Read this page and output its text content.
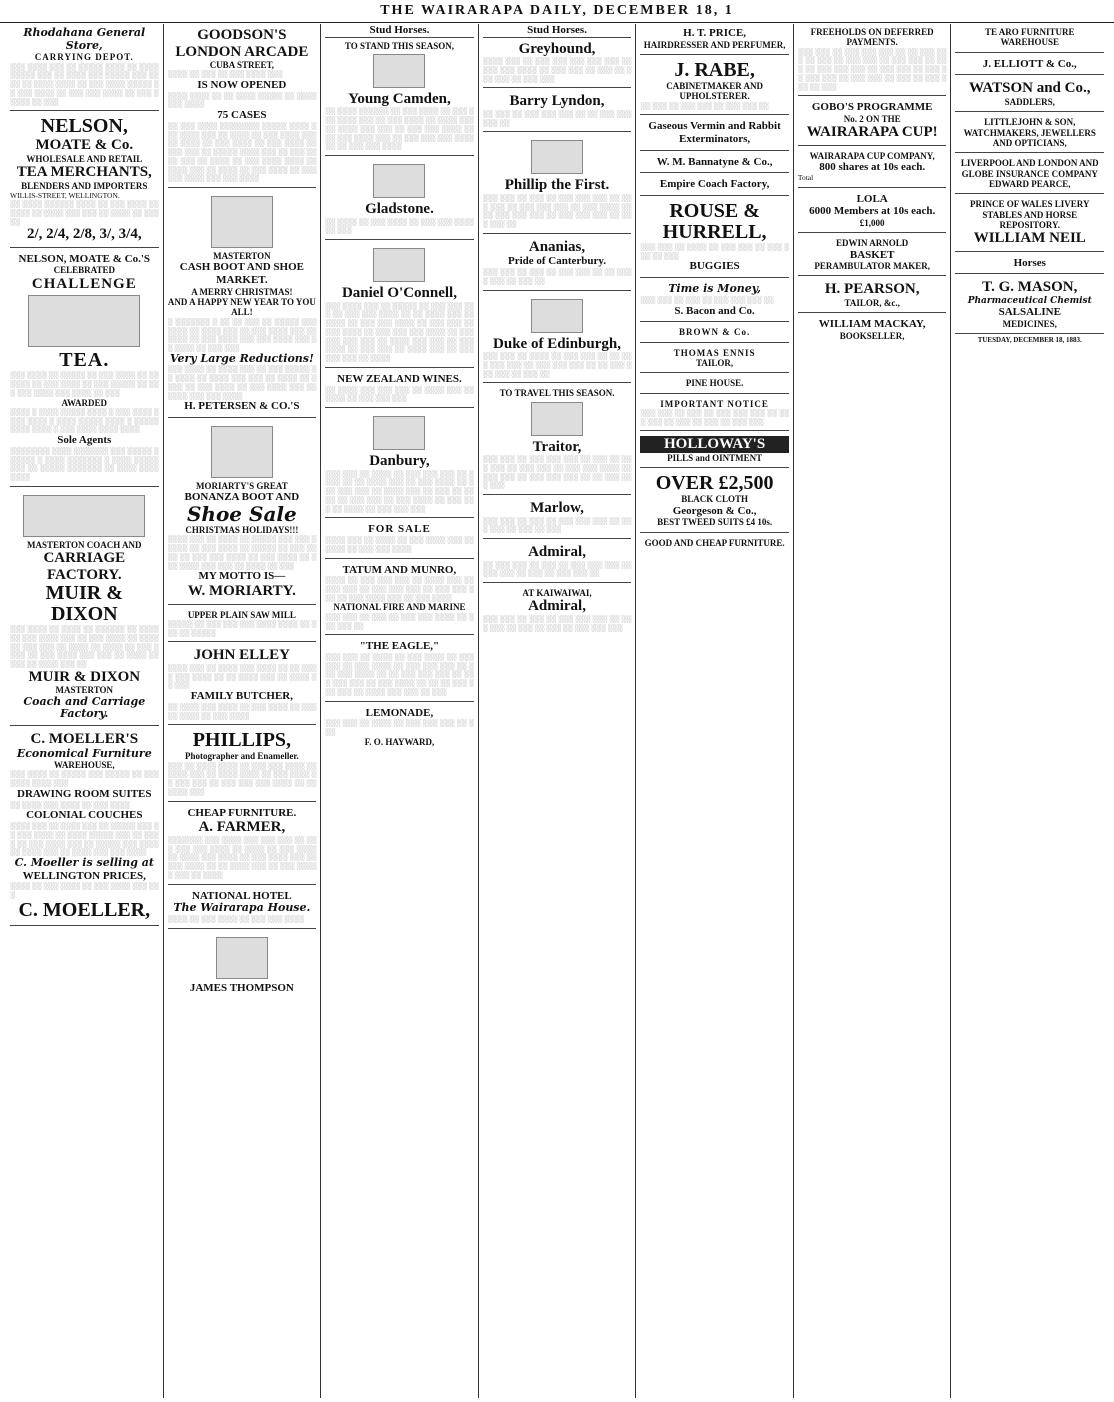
THE WAIRARAPA DAILY, DECEMBER 18, 1
Rhodahana General Store,
CARRYING DEPOT.
░░░ ░░░░ ░░░ ░░ ░░░░░ ░░░░ ░░ ░░░░ ░░░░░ ░░░ ░░ ░░░░ ░░░ ░░░░░ ░░░ ░░░░ ░░ ░░░░ ░░░░ ░░ ░░░ ░░░░ ░░░░░ ░░ ░░░ ░░░░ ░░ ░░░ ░░░ ░░░░ ░░ ░░░ ░░░░░ ░░ ░░░
NELSON,
MOATE & Co.
WHOLESALE AND RETAIL
TEA MERCHANTS,
BLENDERS AND IMPORTERS
WILLIS-STREET, WELLINGTON.
░░ ░░░░ ░░░░░░ ░░░░ ░░ ░░░ ░░░░ ░░ ░░░░ ░░ ░░░░ ░░░ ░░░ ░░ ░░░░ ░░ ░░░░░
2/, 2/4, 2/8, 3/, 3/4,
NELSON, MOATE & Co.'S
CELEBRATED
CHALLENGE
TEA.
░░░ ░░░░ ░░ ░░░░░ ░░ ░░░ ░░░░ ░░ ░░░░░░ ░░ ░░░ ░░░░ ░░ ░░░ ░░░░░ ░░ ░░░ ░░░ ░░░░ ░░░ ░░░░ ░░ ░░░
AWARDED
░░░░ ░ ░░░░ ░░░░░ ░░░░ ░ ░░░ ░░░░ ░░░░ ░░░░ ░ ░░░░ ░░░░░ ░░░░ ░ ░░░░░ ░░░░ ░░░░ ░ ░░░ ░░░░ ░░░░ ░░░░
Sole Agents
░░░░░░░░ ░░░░ ░░░░░░░ ░░░ ░░░░░ ░░░░░░ ░ ░░░░ ░░░░░░░ ░ ░░░░ ░░░░░░░░ ░░ ░░░░░ ░░░░░░░ ░░ ░░░░ ░░░░ ░░░░
MASTERTON COACH AND
CARRIAGE FACTORY.
MUIR & DIXON
░░░ ░░░░ ░░ ░░░░ ░░ ░░░░░░ ░░ ░░░░ ░░ ░░░ ░░░░ ░░░ ░░ ░░░ ░░░░ ░░ ░░░░ ░░ ░░░ ░░░ ░░ ░░░░ ░░ ░░░░ ░░ ░░░ ░░░░ ░░ ░░░ ░░░░ ░░░ ░░░ ░░ ░░░░ ░░ ░░░ ░░ ░░░░ ░░░ ░░
MUIR & DIXON
MASTERTON
Coach and Carriage Factory.
C. MOELLER'S
Economical Furniture
WAREHOUSE,
░░░ ░░░░ ░░ ░░░░░ ░░░ ░░░░░ ░░ ░░░ ░░░░ ░░░░ ░░░
DRAWING ROOM SUITES
░░ ░░░░ ░░░ ░░░░ ░░ ░░░ ░░░░
COLONIAL COUCHES
░░░░ ░░░ ░░ ░░░░ ░░░ ░░ ░░░░░ ░░░ ░░ ░░░ ░░░░ ░░ ░░░░ ░░░░░ ░░░ ░░ ░░░░ ░░ ░░░ ░░░░ ░░░ ░░ ░░░░░ ░░░ ░░░░ ░░ ░░░░ ░░░ ░░ ░░░░ ░░░ ░░░ ░░░░
C. Moeller is selling at
WELLINGTON PRICES,
░░░░ ░░ ░░░ ░░░░ ░░ ░░░ ░░░░ ░░░ ░░░
C. MOELLER,
GOODSON'S
LONDON ARCADE
CUBA STREET,
░░░░ ░░ ░░░ ░░ ░░░ ░░░░ ░░░
IS NOW OPENED
░░░░ ░░░░ ░░ ░░ ░░░░ ░░░░░ ░░ ░░░░ ░░░ ░░░░
75 CASES
░░ ░░░ ░░░░ ░░░░░░░░ ░░░░░ ░░░░ ░░░ ░░░░ ░░░ ░░ ░░░░ ░░ ░░░ ░░░░ ░░░ ░░ ░░░░ ░░ ░░░ ░░░░ ░░ ░░░ ░░░░ ░░ ░░░ ░░░ ░░ ░░░░░ ░░░░ ░░░ ░░ ░░░ ░░░░ ░░░ ░░ ░░░░ ░░ ░░░ ░░░░ ░░░░ ░░ ░░░░ ░░░ ░░ ░░░░ ░░ ░░░ ░░░░ ░░ ░░░ ░░░ ░░░░ ░░░ ░░░ ░░░░
MASTERTON
CASH BOOT AND SHOE
MARKET.
A MERRY CHRISTMAS!
AND A HAPPY NEW YEAR TO YOU ALL!
░ ░░░░░░░ ░ ░░ ░░ ░░░ ░░ ░░░░░ ░░░ ░░░░ ░░ ░░░░ ░░░ ░░ ░░░ ░░░░ ░░░ ░░ ░░░░ ░░ ░░░ ░░░░ ░░░ ░░░ ░░░░ ░░░ ░░ ░░░░ ░░ ░░░ ░░░
Very Large Reductions!
░░░ ░░░░ ░░ ░░░░ ░░░ ░░ ░░░ ░░░░░ ░░ ░░░░ ░░ ░░░░ ░░░ ░░░ ░░ ░░░░ ░░ ░░░░ ░░ ░░░ ░░░░ ░░ ░░░ ░░░░ ░░░ ░░ ░░░░ ░░░ ░░░ ░░░░
H. PETERSEN & CO.'S
MORIARTY'S GREAT
BONANZA BOOT AND
Shoe Sale
CHRISTMAS HOLIDAYS!!!
░░░░ ░░░ ░░ ░░░░ ░░ ░░░░░ ░░░ ░░░ ░░░░░ ░░ ░░░ ░░░░ ░░ ░░░░░ ░░ ░░░ ░░░░ ░░ ░░░ ░░░ ░░░░ ░░ ░░░ ░░░░ ░░ ░░░ ░░░░ ░░░ ░░░ ░░ ░░░░ ░░ ░░░
MY MOTTO IS—
W. MORIARTY.
UPPER PLAIN SAW MILL
░░░░░ ░░ ░░░ ░░░ ░░░ ░░░░ ░░░░ ░░ ░░░ ░░ ░░░░░
JOHN ELLEY
░░░░ ░░░ ░░ ░░░░ ░░░ ░░░░ ░░ ░░ ░░░░ ░░░ ░░░░ ░░ ░░ ░░░░ ░░░ ░░ ░░░░ ░░ ░░░
FAMILY BUTCHER,
░░ ░░░░ ░░░ ░░░░ ░░ ░░░ ░░░░ ░░ ░░░ ░░ ░░░░ ░░ ░░░ ░░░░
PHILLIPS,
Photographer and Enameller.
░░░ ░░ ░░░░ ░░░░ ░░ ░░░ ░░░ ░░░░ ░░ ░░░░ ░░░ ░░ ░░░░ ░░░░ ░░ ░░░ ░░░░ ░░ ░░░ ░░░ ░░ ░░░ ░░░ ░░░ ░░░░ ░░ ░░ ░░░░ ░░░
CHEAP FURNITURE.
A. FARMER,
░░░░░░░ ░░░ ░░░░ ░░░ ░░░ ░░░ ░░ ░░░ ░░░ ░░░ ░░░░ ░░ ░░░░ ░░ ░░░ ░░░░ ░░ ░░░░ ░░░ ░░░░ ░░ ░░░ ░░░░ ░░░ ░░ ░░░ ░░░░ ░░ ░░ ░░░░ ░░░ ░░ ░░░ ░░░░░ ░░░ ░░ ░░░░
NATIONAL HOTEL
The Wairarapa House.
░░░░ ░░ ░░░ ░░░░ ░░ ░░░ ░░░ ░░░░
JAMES THOMPSON
Stud Horses.
TO STAND THIS SEASON,
Young Camden,
░░ ░░░░ ░░░░░░ ░░ ░░░ ░░░░ ░░ ░░░ ░░░ ░░░░ ░░░ ░░ ░░░ ░░░░ ░░ ░░░░ ░░░ ░░ ░░░░ ░░░ ░░░ ░░ ░░░ ░░░ ░░░░ ░░ ░░ ░░░ ░░░░ ░░░ ░░ ░░░ ░░░ ░░░ ░░░░ ░░ ░░ ░░░ ░░░ ░░░░
Gladstone.
░░ ░░░░ ░░ ░░░ ░░░░ ░░ ░░░ ░░░ ░░░░ ░░ ░░░
Daniel O'Connell,
░░░ ░░░░ ░░░ ░░ ░░░░░ ░░ ░░░ ░░░ ░░░ ░░ ░░░ ░░░ ░░░░ ░░ ░░ ░░░░ ░░░ ░░ ░░░░ ░░ ░░░ ░░░ ░░░░ ░░ ░░░ ░░░ ░░ ░░░ ░░░░ ░░ ░░░ ░░░ ░░░ ░░░░ ░░ ░░░ ░░░ ░░░ ░░░ ░░ ░░░░ ░░░ ░░░ ░░ ░░░ ░░░░ ░░ ░░░ ░░░ ░░ ░░░░ ░░░ ░░ ░░░ ░░░ ░░░ ░░ ░░░░
NEW ZEALAND WINES.
░░ ░░░░ ░░░ ░░░ ░░░ ░░ ░░░░ ░░░ ░░ ░░░░ ░░ ░░░ ░░░ ░░░
Danbury,
░░░ ░░░ ░░ ░░░░ ░░ ░░░ ░░░ ░░░ ░░ ░░░░ ░░ ░░ ░░░░ ░░░ ░░ ░░░ ░░░░ ░░ ░░░ ░░░ ░░░ ░░ ░░░░ ░░░ ░░ ░░░ ░░ ░░░░ ░░ ░░░ ░░░ ░░ ░░░ ░░░░ ░░ ░░░ ░░░ ░░ ░░░░ ░░ ░░░ ░░░ ░░░
FOR SALE
░░░░ ░░░ ░░ ░░░░ ░░ ░░░ ░░░░ ░░░ ░░ ░░░░ ░░ ░░░ ░░░ ░░░░
TATUM AND MUNRO,
░░░░ ░░ ░░░ ░░░ ░░░ ░░ ░░░░ ░░░ ░░ ░░░ ░░░ ░░ ░░░ ░░░ ░░░ ░░ ░░░ ░░░ ░░░ ░░ ░░░ ░░░░ ░░░ ░░ ░░░ ░░░░
NATIONAL FIRE AND MARINE
░░░ ░░░ ░░ ░░░ ░░ ░░░ ░░░ ░░░░ ░░ ░░░ ░░░ ░░
"THE EAGLE,"
░░░ ░░░ ░░ ░░░░ ░░ ░░░ ░░░░ ░░ ░░░ ░░░ ░░ ░░░ ░░░░ ░░ ░░░ ░░░ ░░░ ░░ ░░░ ░░░ ░░░░ ░░ ░░ ░░░ ░░░ ░░░ ░░ ░░░ ░░░ ░░░ ░░ ░░░ ░░░░ ░░ ░░ ░░ ░░░ ░░░ ░░░ ░░ ░░░░ ░░░ ░░░ ░░ ░░░
LEMONADE,
░░░ ░░░ ░░ ░░░░ ░░ ░░░ ░░░ ░░░ ░░ ░░░
F. O. HAYWARD,
Stud Horses.
Greyhound,
░░░░ ░░░ ░░ ░░░ ░░░ ░░░ ░░░ ░░░ ░░ ░░░ ░░░ ░░░░ ░░ ░░░ ░░░ ░░ ░░░ ░░ ░░░ ░░░ ░░ ░░░ ░░░
Barry Lyndon,
░░ ░░░ ░░ ░░░ ░░░ ░░░ ░░ ░░ ░░░ ░░░ ░░░ ░░
Phillip the First.
░░░ ░░░ ░░ ░░░ ░░ ░░░ ░░░ ░░░ ░░ ░░░ ░░░ ░░ ░░░ ░░░ ░░░ ░░ ░░░ ░░░░ ░░ ░░ ░░░ ░░░ ░░░ ░░ ░░░ ░░░ ░░░ ░░ ░░░ ░░░ ░░
Ananias,
Pride of Canterbury.
░░░ ░░░ ░░ ░░░ ░░ ░░░ ░░░ ░░ ░░ ░░░░ ░░░ ░░ ░░░ ░░
Duke of Edinburgh,
░░░ ░░░ ░░ ░░░░ ░░ ░░░ ░░░ ░░ ░░ ░░░ ░░░ ░░░ ░░ ░░░ ░░░ ░░░ ░░ ░░ ░░░ ░░░ ░░░ ░░ ░░░ ░░
TO TRAVEL THIS SEASON.
Traitor,
░░░ ░░░ ░░ ░░░ ░░░ ░░░ ░░ ░░░ ░░ ░░░ ░░░ ░░ ░░░ ░░░ ░░ ░░░ ░░░ ░░░░ ░░ ░░░ ░░░ ░░ ░░░ ░░░ ░░░ ░░ ░░ ░░░ ░░░ ░░░
Marlow,
░░░ ░░░ ░░ ░░░ ░░ ░░░ ░░░ ░░░ ░░ ░░░ ░░░ ░░ ░░░ ░░ ░░░
Admiral,
░░ ░░░ ░░░ ░░ ░░░ ░░ ░░░ ░░░ ░░░ ░░ ░░░ ░░░ ░░ ░░░ ░░ ░░░ ░░░ ░░
AT KAIWAIWAI,
Admiral,
░░░ ░░░ ░░ ░░░ ░░ ░░░ ░░░ ░░░ ░░ ░░░ ░░░ ░░ ░░░ ░░ ░░░ ░░ ░░░ ░░░ ░░░
H. T. PRICE,
HAIRDRESSER AND PERFUMER,
J. RABE,
CABINETMAKER AND UPHOLSTERER.
░░ ░░░ ░░ ░░░ ░░░ ░░ ░░░ ░░░ ░░
Gaseous Vermin and Rabbit Exterminators,
W. M. Bannatyne & Co.,
Empire Coach Factory,
ROUSE & HURRELL,
░░░ ░░░ ░░ ░░░░ ░░ ░░░ ░░░ ░░ ░░░ ░░░ ░░ ░░░
BUGGIES
Time is Money,
░░░ ░░░ ░░ ░░░ ░░ ░░░ ░░░ ░░░ ░░
S. Bacon and Co.
BROWN & Co.
THOMAS ENNIS
TAILOR,
PINE HOUSE.
IMPORTANT NOTICE
░░░ ░░░ ░░ ░░░ ░░ ░░░ ░░░ ░░░ ░░ ░░░ ░░░ ░░ ░░░ ░░ ░░░ ░░ ░░░ ░░░
HOLLOWAY'S
PILLS and OINTMENT
OVER £2,500
BLACK CLOTH
Georgeson & Co.,
BEST TWEED SUITS £4 10s.
GOOD AND CHEAP FURNITURE.
FREEHOLDS ON DEFERRED
PAYMENTS.
░░░ ░░░ ░░ ░░░ ░░░ ░░░ ░░ ░░ ░░░ ░░░ ░░ ░░░ ░░ ░░░ ░░░ ░░ ░░░ ░░░ ░░ ░░░ ░░ ░░░ ░░░ ░░░ ░░ ░░░ ░░░ ░░ ░░░ ░░ ░░░ ░░░ ░░ ░░░ ░░░ ░░ ░░░ ░░ ░░░ ░░░ ░░ ░░░
GOBO'S PROGRAMME
No. 2 ON THE
WAIRARAPA CUP!
WAIRARAPA CUP COMPANY,
800 shares at 10s each.
Total
LOLA
6000 Members at 10s each.
£1,000
EDWIN ARNOLD
BASKET
PERAMBULATOR MAKER,
H. PEARSON,
TAILOR, &c.,
WILLIAM MACKAY,
BOOKSELLER,
TE ARO FURNITURE WAREHOUSE
J. ELLIOTT & Co.,
WATSON and Co.,
SADDLERS,
LITTLEJOHN & SON,
WATCHMAKERS, JEWELLERS AND OPTICIANS,
LIVERPOOL AND LONDON AND GLOBE INSURANCE COMPANY
EDWARD PEARCE,
PRINCE OF WALES LIVERY STABLES AND HORSE REPOSITORY.
WILLIAM NEIL
Horses
T. G. MASON,
Pharmaceutical Chemist
SALSALINE
MEDICINES,
TUESDAY, DECEMBER 18, 1883.
